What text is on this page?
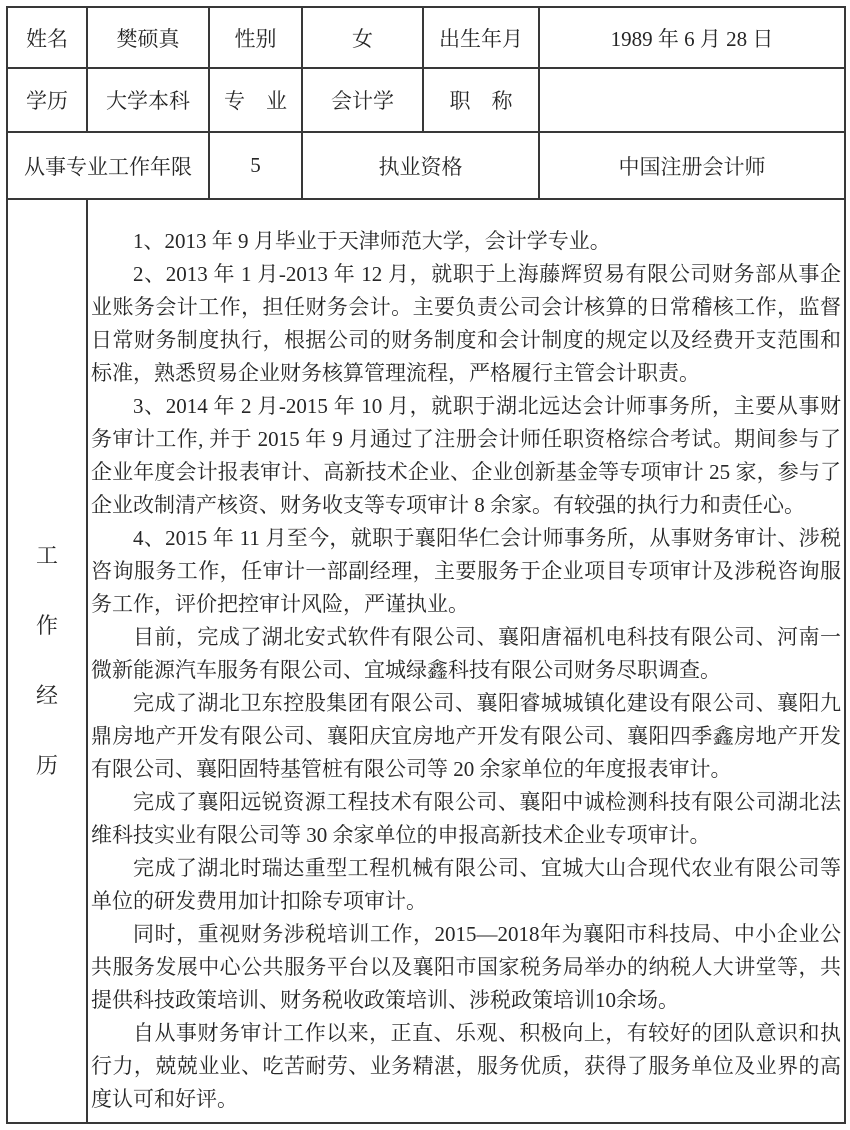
姓名	樊硕真	性别	女	出生年月	1989 年 6 月 28 日
学历	大学本科	专　业	会计学	职　称	
从事专业工作年限		5	执业资格		中国注册会计师

工
作
经
历

1、2013 年 9 月毕业于天津师范大学，会计学专业。

2、2013 年 1 月-2013 年 12 月，就职于上海藤辉贸易有限公司财务部从事企业账务会计工作，担任财务会计。主要负责公司会计核算的日常稽核工作，监督日常财务制度执行，根据公司的财务制度和会计制度的规定以及经费开支范围和标准，熟悉贸易企业财务核算管理流程，严格履行主管会计职责。

3、2014 年 2 月-2015 年 10 月，就职于湖北远达会计师事务所，主要从事财务审计工作, 并于 2015 年 9 月通过了注册会计师任职资格综合考试。期间参与了企业年度会计报表审计、高新技术企业、企业创新基金等专项审计 25 家，参与了企业改制清产核资、财务收支等专项审计 8 余家。有较强的执行力和责任心。

4、2015 年 11 月至今，就职于襄阳华仁会计师事务所，从事财务审计、涉税咨询服务工作，任审计一部副经理，主要服务于企业项目专项审计及涉税咨询服务工作，评价把控审计风险，严谨执业。

目前，完成了湖北安式软件有限公司、襄阳唐福机电科技有限公司、河南一微新能源汽车服务有限公司、宜城绿鑫科技有限公司财务尽职调查。

完成了湖北卫东控股集团有限公司、襄阳睿城城镇化建设有限公司、襄阳九鼎房地产开发有限公司、襄阳庆宜房地产开发有限公司、襄阳四季鑫房地产开发有限公司、襄阳固特基管桩有限公司等 20 余家单位的年度报表审计。

完成了襄阳远锐资源工程技术有限公司、襄阳中诚检测科技有限公司湖北法维科技实业有限公司等 30 余家单位的申报高新技术企业专项审计。

完成了湖北时瑞达重型工程机械有限公司、宜城大山合现代农业有限公司等单位的研发费用加计扣除专项审计。

同时，重视财务涉税培训工作，2015—2018年为襄阳市科技局、中小企业公共服务发展中心公共服务平台以及襄阳市国家税务局举办的纳税人大讲堂等，共提供科技政策培训、财务税收政策培训、涉税政策培训10余场。

自从事财务审计工作以来，正直、乐观、积极向上，有较好的团队意识和执行力，兢兢业业、吃苦耐劳、业务精湛，服务优质，获得了服务单位及业界的高度认可和好评。
